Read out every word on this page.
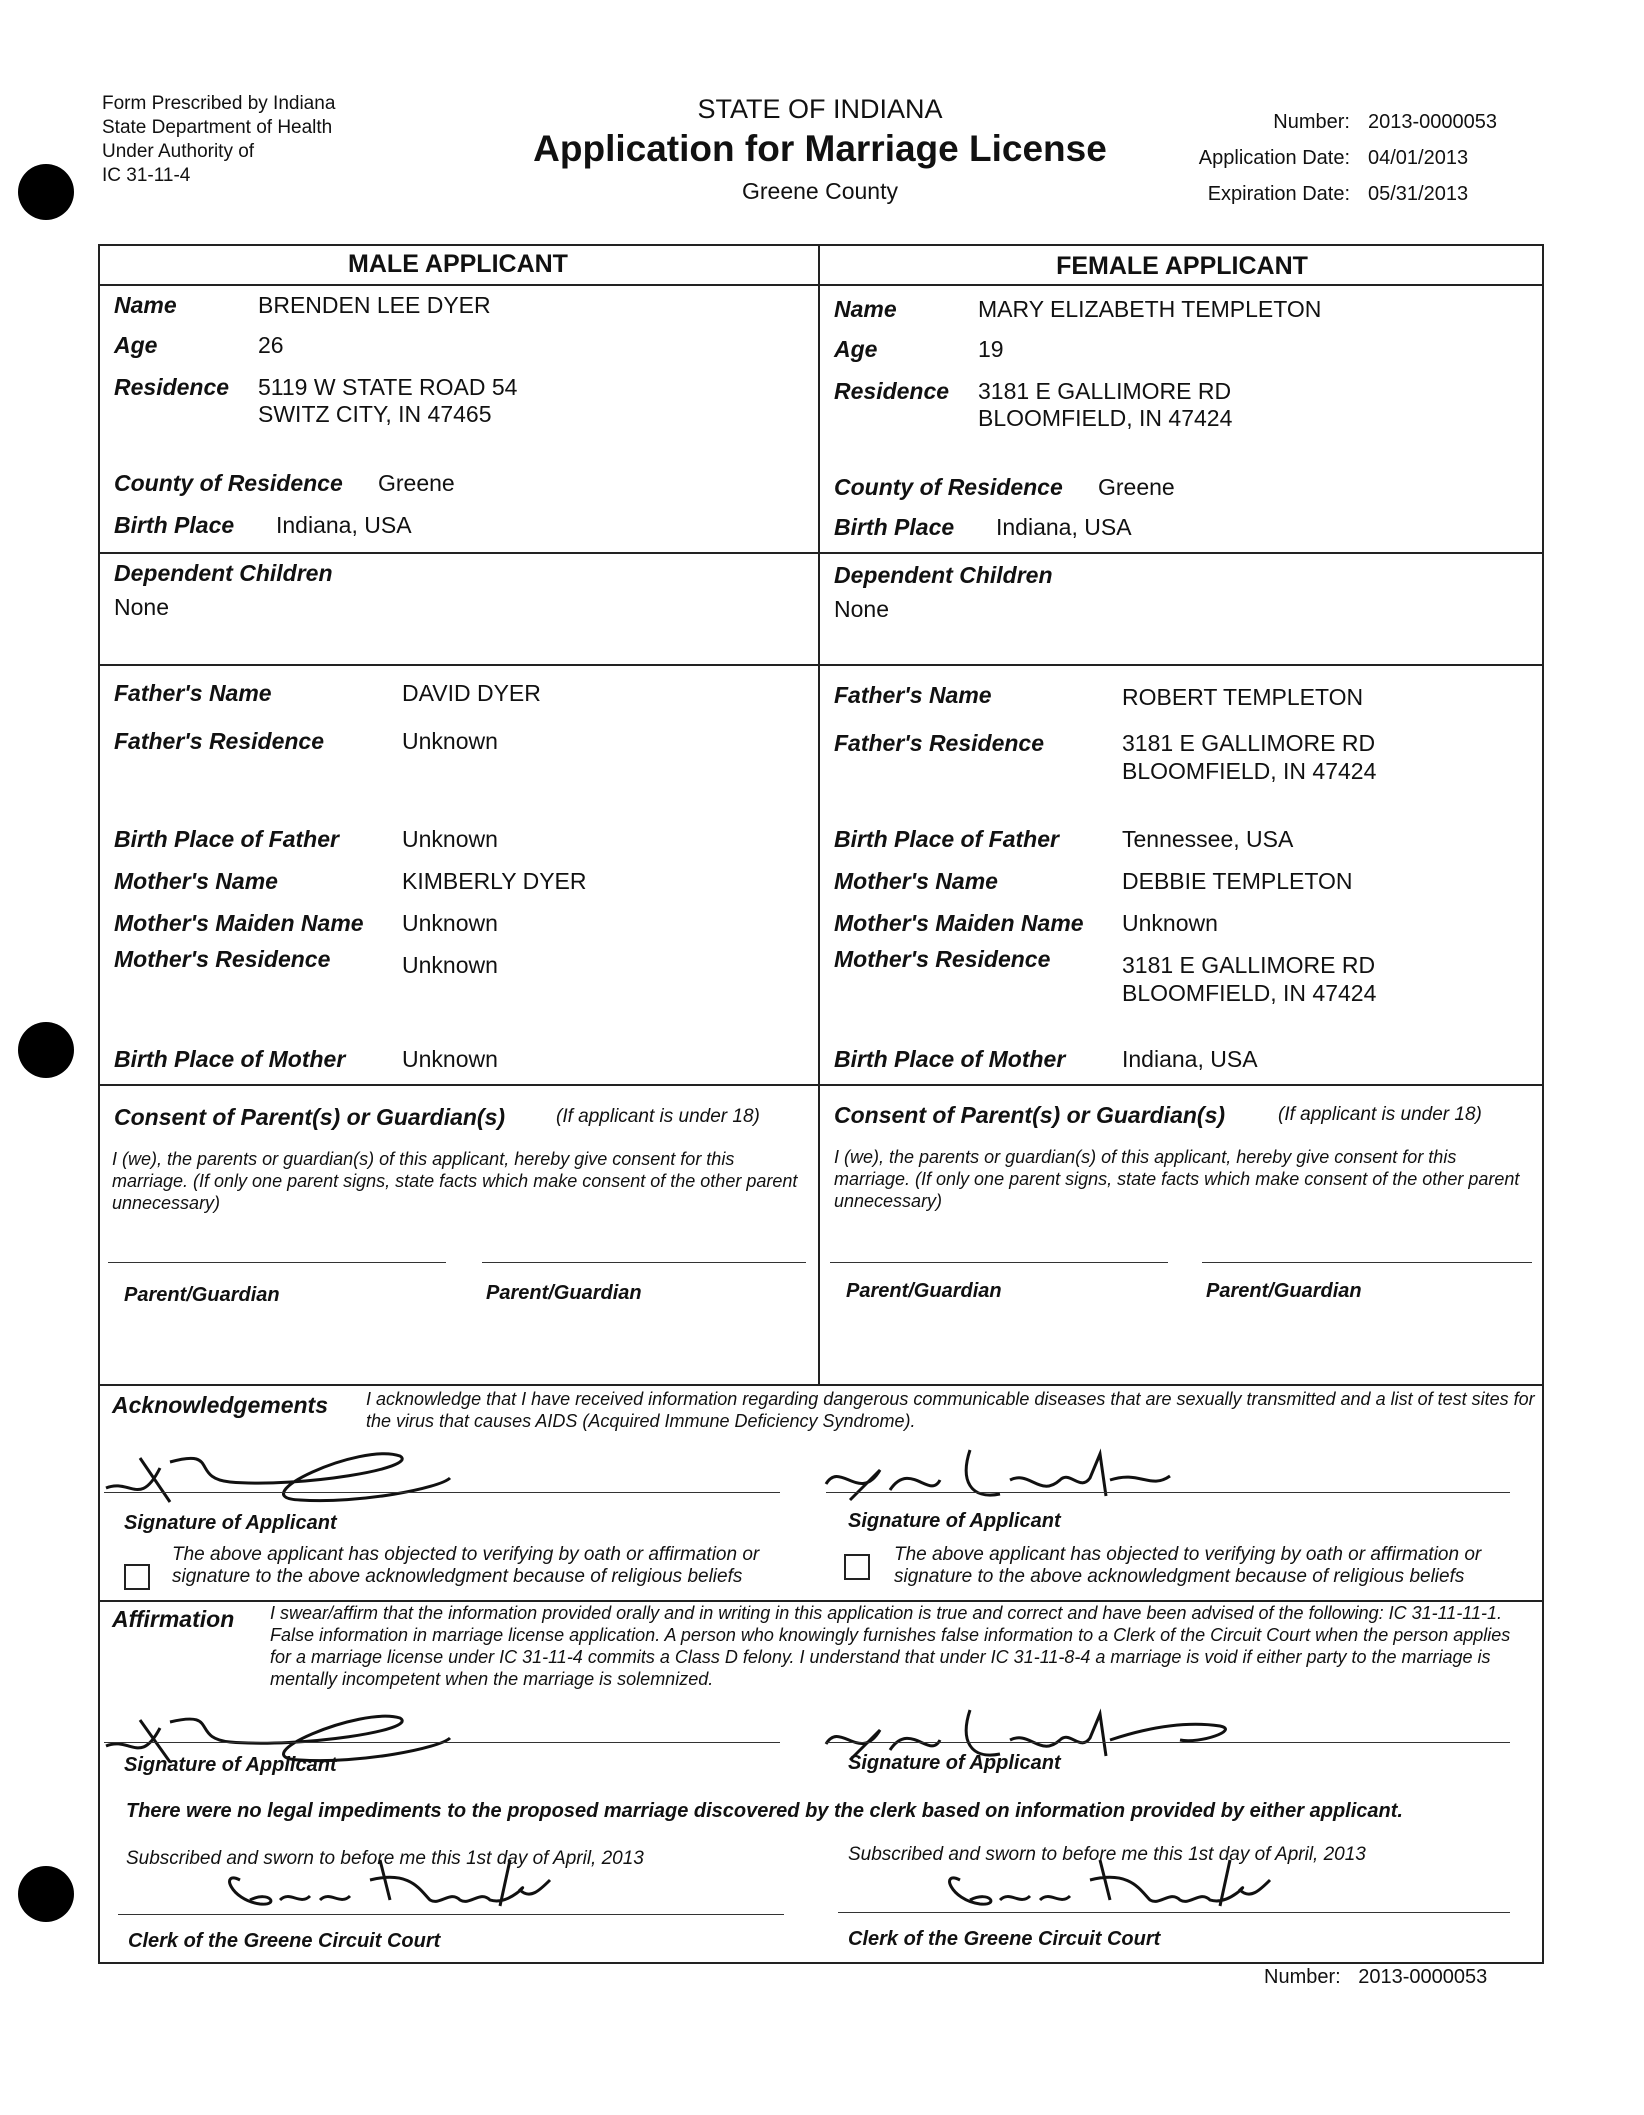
Form Prescribed by Indiana
State Department of Health
Under Authority of
IC 31-11-4
STATE OF INDIANA
Application for Marriage License
Greene County
Number: 2013-0000053
Application Date: 04/01/2013
Expiration Date: 05/31/2013
MALE APPLICANT	FEMALE APPLICANT
Name	BRENDEN LEE DYER
Age	26
Residence 5119 W STATE ROAD 54
SWITZ CITY, IN 47465
County of Residence Greene
Birth Place Indiana, USA
Dependent Children
None
Father's Name	DAVID DYER
Father's Residence	Unknown
Birth Place of Father	Unknown
Mother's Name	KIMBERLY DYER
Mother's Maiden Name Unknown
Mother's Residence	Unknown
Birth Place of Mother Unknown
Name	MARY ELIZABETH TEMPLETON
Age	19
Residence 3181 E GALLIMORE RD
BLOOMFIELD, IN 47424
County of Residence Greene
Birth Place Indiana, USA
Dependent Children
None
Father's Name	ROBERT TEMPLETON
Father's Residence	3181 E GALLIMORE RD
BLOOMFIELD, IN 47424
Birth Place of Father	Tennessee, USA
Mother's Name	DEBBIE TEMPLETON
Mother's Maiden Name Unknown
Mother's Residence	3181 E GALLIMORE RD
BLOOMFIELD, IN 47424
Birth Place of Mother Indiana, USA
Consent of Parent(s) or Guardian(s)	(If applicant is under 18)
I (we), the parents or guardian(s) of this applicant, hereby give consent for this marriage. (If only one parent signs, state facts which make consent of the other parent unnecessary)
Parent/Guardian	Parent/Guardian
Consent of Parent(s) or Guardian(s)	(If applicant is under 18)
I (we), the parents or guardian(s) of this applicant, hereby give consent for this marriage. (If only one parent signs, state facts which make consent of the other parent unnecessary)
Parent/Guardian	Parent/Guardian
Acknowledgements I acknowledge that I have received information regarding dangerous communicable diseases that are sexually transmitted and a list of test sites for the virus that causes AIDS (Acquired Immune Deficiency Syndrome).
Signature of Applicant	Signature of Applicant
The above applicant has objected to verifying by oath or affirmation or signature to the above acknowledgment because of religious beliefs
The above applicant has objected to verifying by oath or affirmation or signature to the above acknowledgment because of religious beliefs
Affirmation I swear/affirm that the information provided orally and in writing in this application is true and correct and have been advised of the following: IC 31-11-11-1. False information in marriage license application. A person who knowingly furnishes false information to a Clerk of the Circuit Court when the person applies for a marriage license under IC 31-11-4 commits a Class D felony. I understand that under IC 31-11-8-4 a marriage is void if either party to the marriage is mentally incompetent when the marriage is solemnized.
Signature of Applicant	Signature of Applicant
There were no legal impediments to the proposed marriage discovered by the clerk based on information provided by either applicant.
Subscribed and sworn to before me this 1st day of April, 2013	Subscribed and sworn to before me this 1st day of April, 2013
Clerk of the Greene Circuit Court	Clerk of the Greene Circuit Court
Number: 2013-0000053
